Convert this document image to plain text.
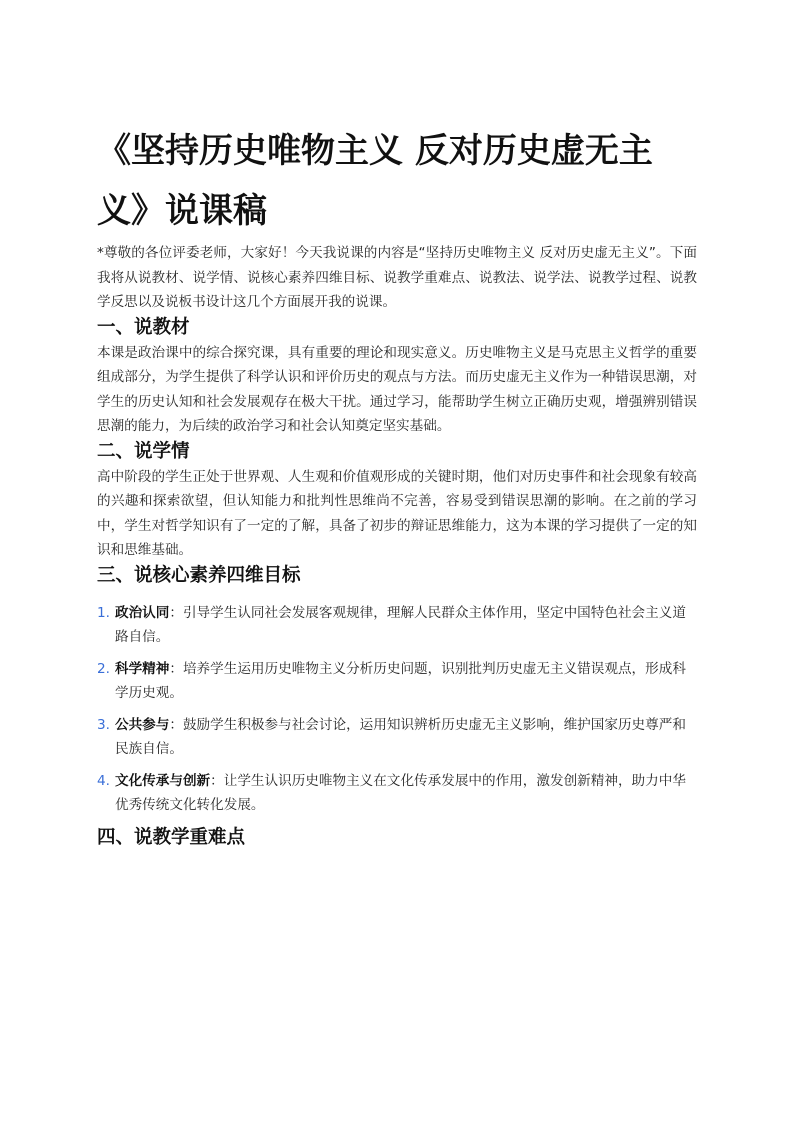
《坚持历史唯物主义 反对历史虚无主义》说课稿

*尊敬的各位评委老师，大家好！今天我说课的内容是“坚持历史唯物主义 反对历史虚无主义”。下面我将从说教材、说学情、说核心素养四维目标、说教学重难点、说教法、说学法、说教学过程、说教学反思以及说板书设计这几个方面展开我的说课。

一、说教材

本课是政治课中的综合探究课，具有重要的理论和现实意义。历史唯物主义是马克思主义哲学的重要组成部分，为学生提供了科学认识和评价历史的观点与方法。而历史虚无主义作为一种错误思潮，对学生的历史认知和社会发展观存在极大干扰。通过学习，能帮助学生树立正确历史观，增强辨别错误思潮的能力，为后续的政治学习和社会认知奠定坚实基础。

二、说学情

高中阶段的学生正处于世界观、人生观和价值观形成的关键时期，他们对历史事件和社会现象有较高的兴趣和探索欲望，但认知能力和批判性思维尚不完善，容易受到错误思潮的影响。在之前的学习中，学生对哲学知识有了一定的了解，具备了初步的辩证思维能力，这为本课的学习提供了一定的知识和思维基础。

三、说核心素养四维目标
1. 政治认同：引导学生认同社会发展客观规律，理解人民群众主体作用，坚定中国特色社会主义道路自信。
2. 科学精神：培养学生运用历史唯物主义分析历史问题，识别批判历史虚无主义错误观点，形成科学历史观。
3. 公共参与：鼓励学生积极参与社会讨论，运用知识辨析历史虚无主义影响，维护国家历史尊严和民族自信。
4. 文化传承与创新：让学生认识历史唯物主义在文化传承发展中的作用，激发创新精神，助力中华优秀传统文化转化发展。
四、说教学重难点
